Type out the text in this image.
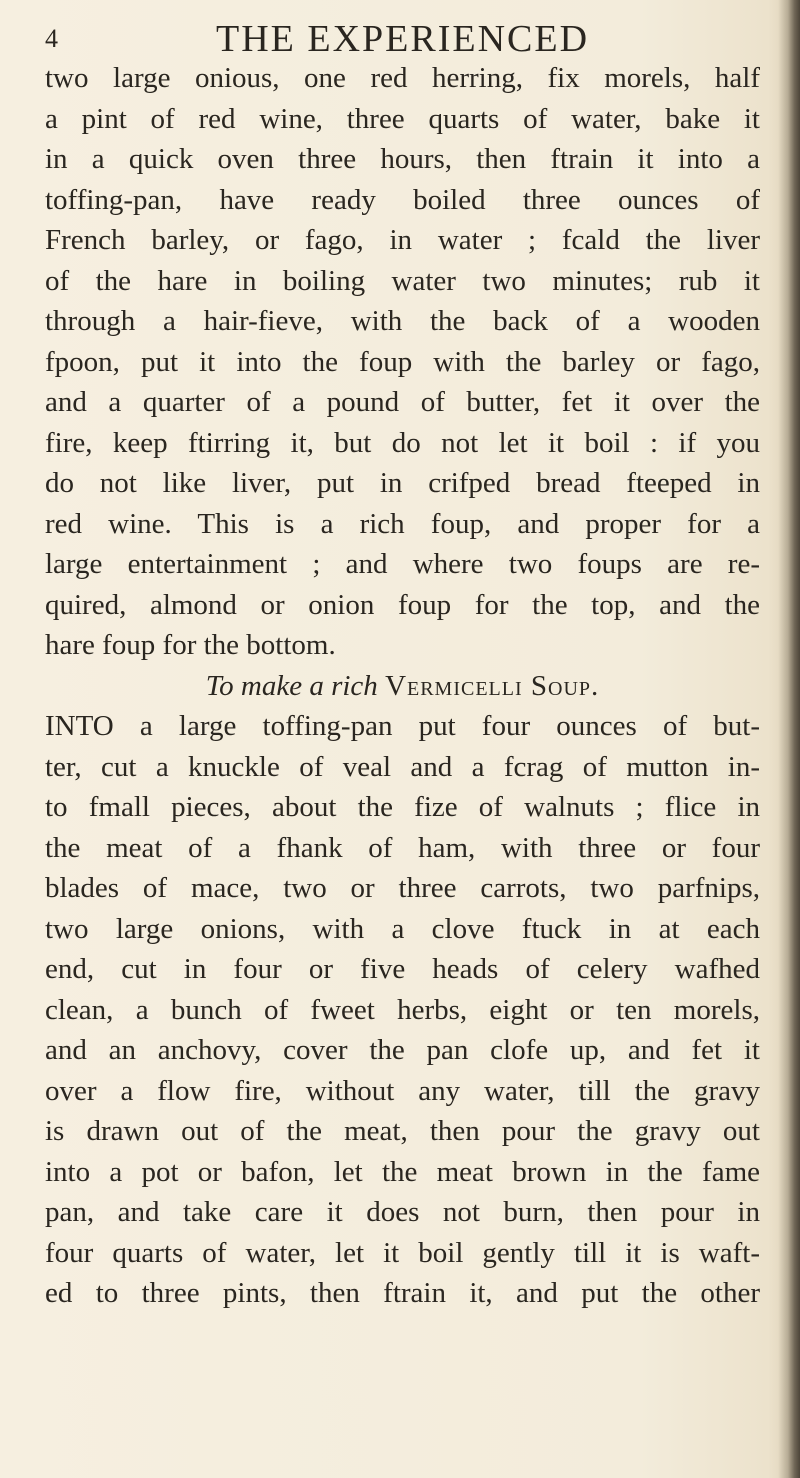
4	THE EXPERIENCED
two large onious, one red herring, fix morels, half
a pint of red wine, three quarts of water, bake it
in a quick oven three hours, then ftrain it into a
toffing-pan, have ready boiled three ounces of
French barley, or fago, in water ; fcald the liver
of the hare in boiling water two minutes; rub it
through a hair-fieve, with the back of a wooden
fpoon, put it into the foup with the barley or fago,
and a quarter of a pound of butter, fet it over the
fire, keep ftirring it, but do not let it boil : if you
do not like liver, put in crifped bread fteeped in
red wine. This is a rich foup, and proper for a
large entertainment ; and where two foups are re-
quired, almond or onion foup for the top, and the
hare foup for the bottom.
To make a rich Vermicelli Soup.
INTO a large toffing-pan put four ounces of but-
ter, cut a knuckle of veal and a fcrag of mutton in-
to fmall pieces, about the fize of walnuts ; flice in
the meat of a fhank of ham, with three or four
blades of mace, two or three carrots, two parfnips,
two large onions, with a clove ftuck in at each
end, cut in four or five heads of celery wafhed
clean, a bunch of fweet herbs, eight or ten morels,
and an anchovy, cover the pan clofe up, and fet it
over a flow fire, without any water, till the gravy
is drawn out of the meat, then pour the gravy out
into a pot or bafon, let the meat brown in the fame
pan, and take care it does not burn, then pour in
four quarts of water, let it boil gently till it is waft-
ed to three pints, then ftrain it, and put the other
